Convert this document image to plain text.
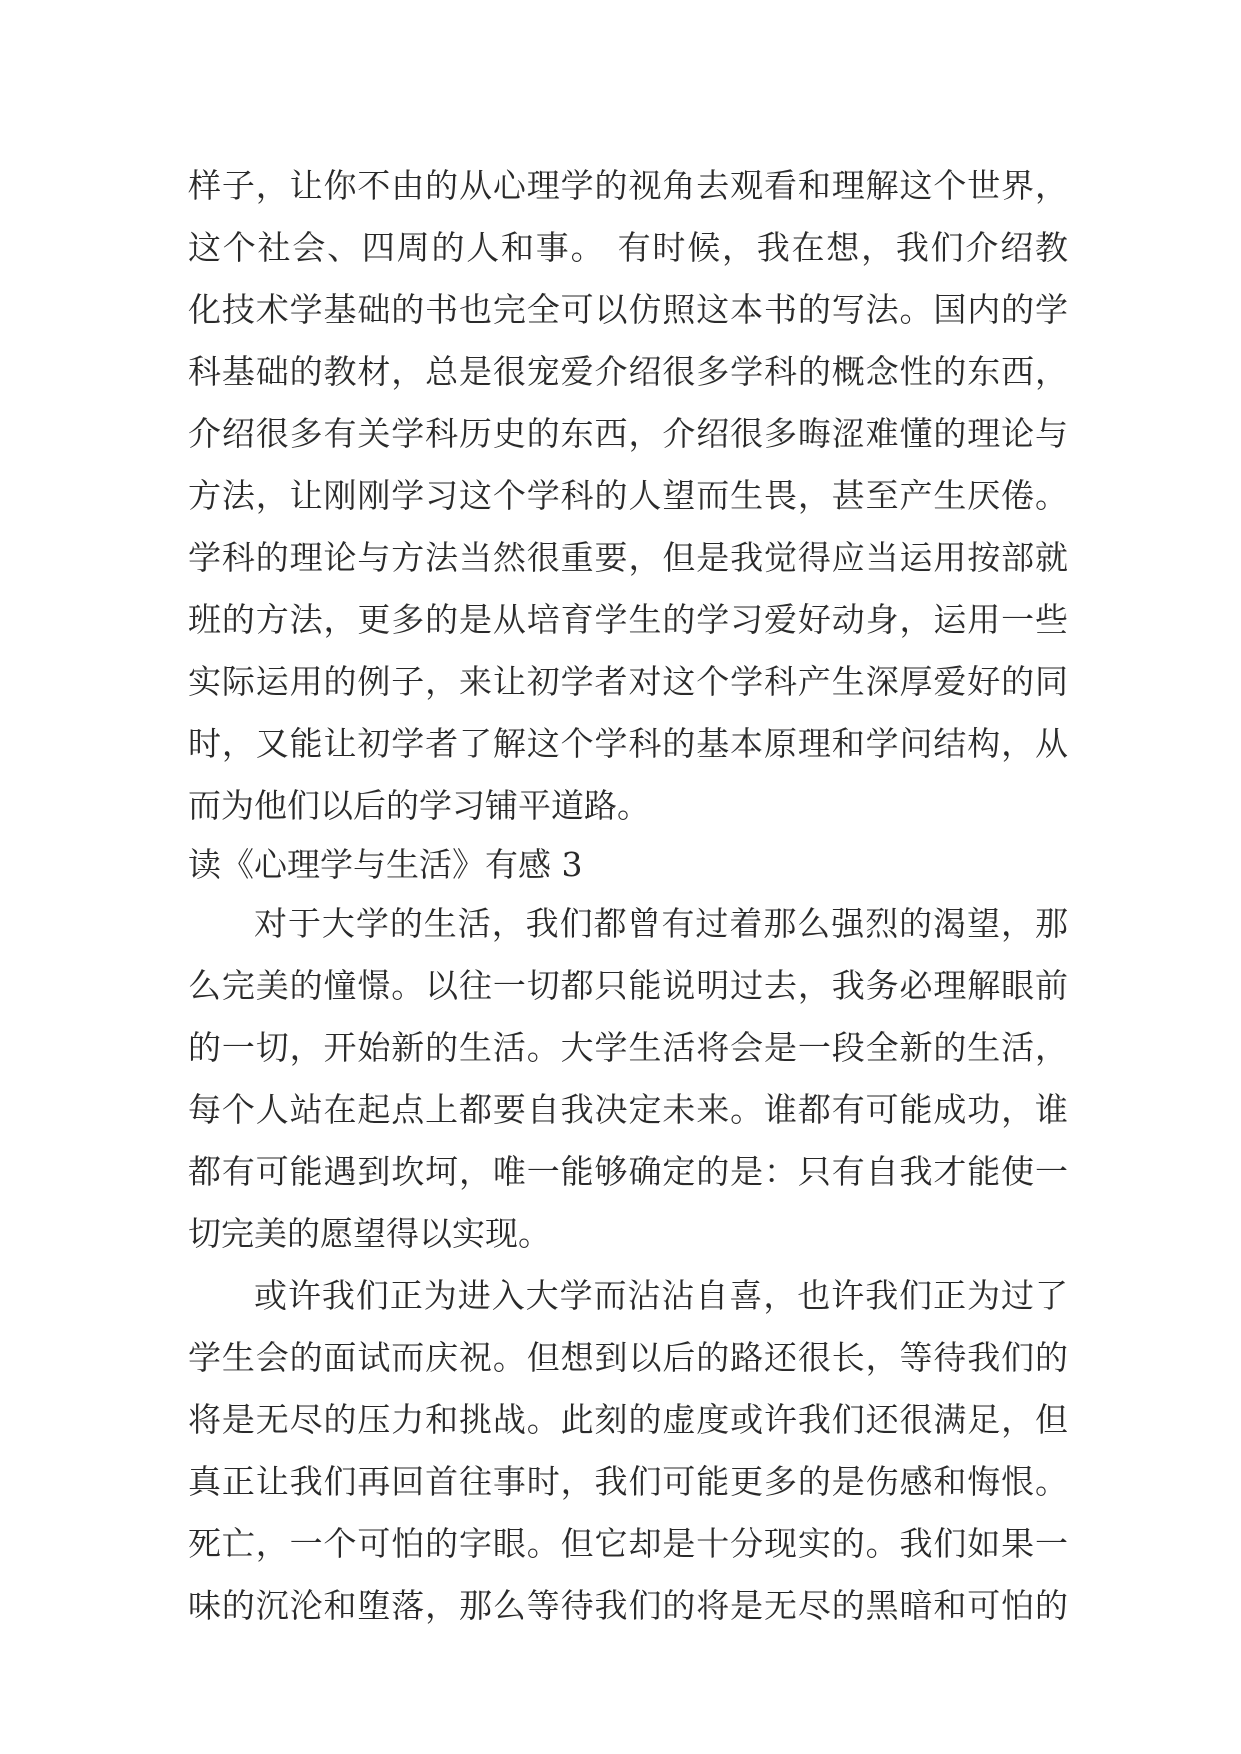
样子，让你不由的从心理学的视角去观看和理解这个世界，
这个社会、四周的人和事。 有时候，我在想，我们介绍教
化技术学基础的书也完全可以仿照这本书的写法。国内的学
科基础的教材，总是很宠爱介绍很多学科的概念性的东西，
介绍很多有关学科历史的东西，介绍很多晦涩难懂的理论与
方法，让刚刚学习这个学科的人望而生畏，甚至产生厌倦。
学科的理论与方法当然很重要，但是我觉得应当运用按部就
班的方法，更多的是从培育学生的学习爱好动身，运用一些
实际运用的例子，来让初学者对这个学科产生深厚爱好的同
时，又能让初学者了解这个学科的基本原理和学问结构，从
而为他们以后的学习铺平道路。
读《心理学与生活》有感 3
对于大学的生活，我们都曾有过着那么强烈的渴望，那
么完美的憧憬。以往一切都只能说明过去，我务必理解眼前
的一切，开始新的生活。大学生活将会是一段全新的生活，
每个人站在起点上都要自我决定未来。谁都有可能成功，谁
都有可能遇到坎坷，唯一能够确定的是：只有自我才能使一
切完美的愿望得以实现。
或许我们正为进入大学而沾沾自喜，也许我们正为过了
学生会的面试而庆祝。但想到以后的路还很长，等待我们的
将是无尽的压力和挑战。此刻的虚度或许我们还很满足，但
真正让我们再回首往事时，我们可能更多的是伤感和悔恨。
死亡，一个可怕的字眼。但它却是十分现实的。我们如果一
味的沉沦和堕落，那么等待我们的将是无尽的黑暗和可怕的
